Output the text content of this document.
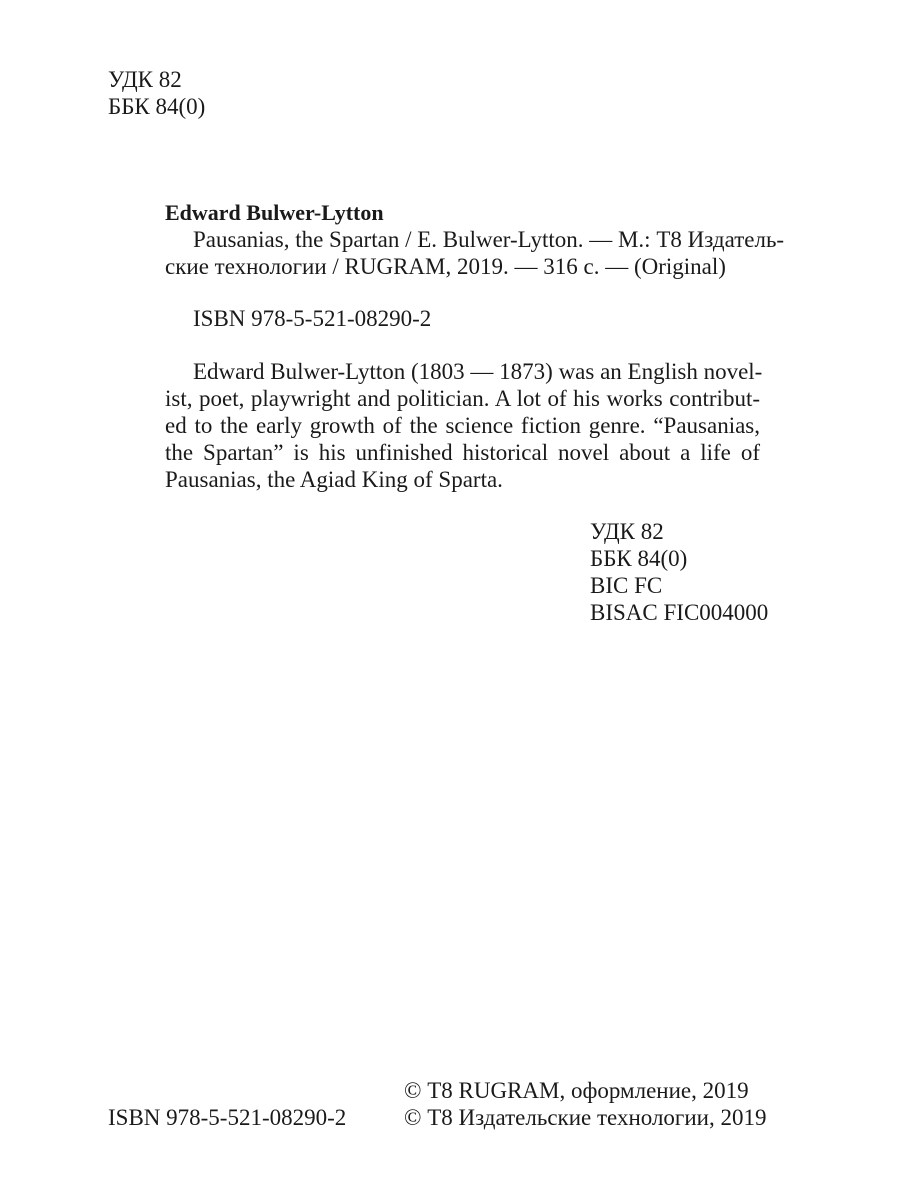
УДК 82
ББК 84(0)
Edward Bulwer-Lytton
Pausanias, the Spartan / E. Bulwer-Lytton. — М.: Т8 Издатель-
ские технологии / RUGRAM, 2019. — 316 с. — (Original)
ISBN 978-5-521-08290-2
Edward Bulwer-Lytton (1803 — 1873) was an English novel-
ist, poet, playwright and politician. A lot of his works contribut-
ed to the early growth of the science fiction genre. “Pausanias,
the Spartan” is his unfinished historical novel about a life of
Pausanias, the Agiad King of Sparta.
УДК 82
ББК 84(0)
BIC FC
BISAC FIC004000
ISBN 978-5-521-08290-2
© Т8 RUGRAM, оформление, 2019
© Т8 Издательские технологии, 2019
